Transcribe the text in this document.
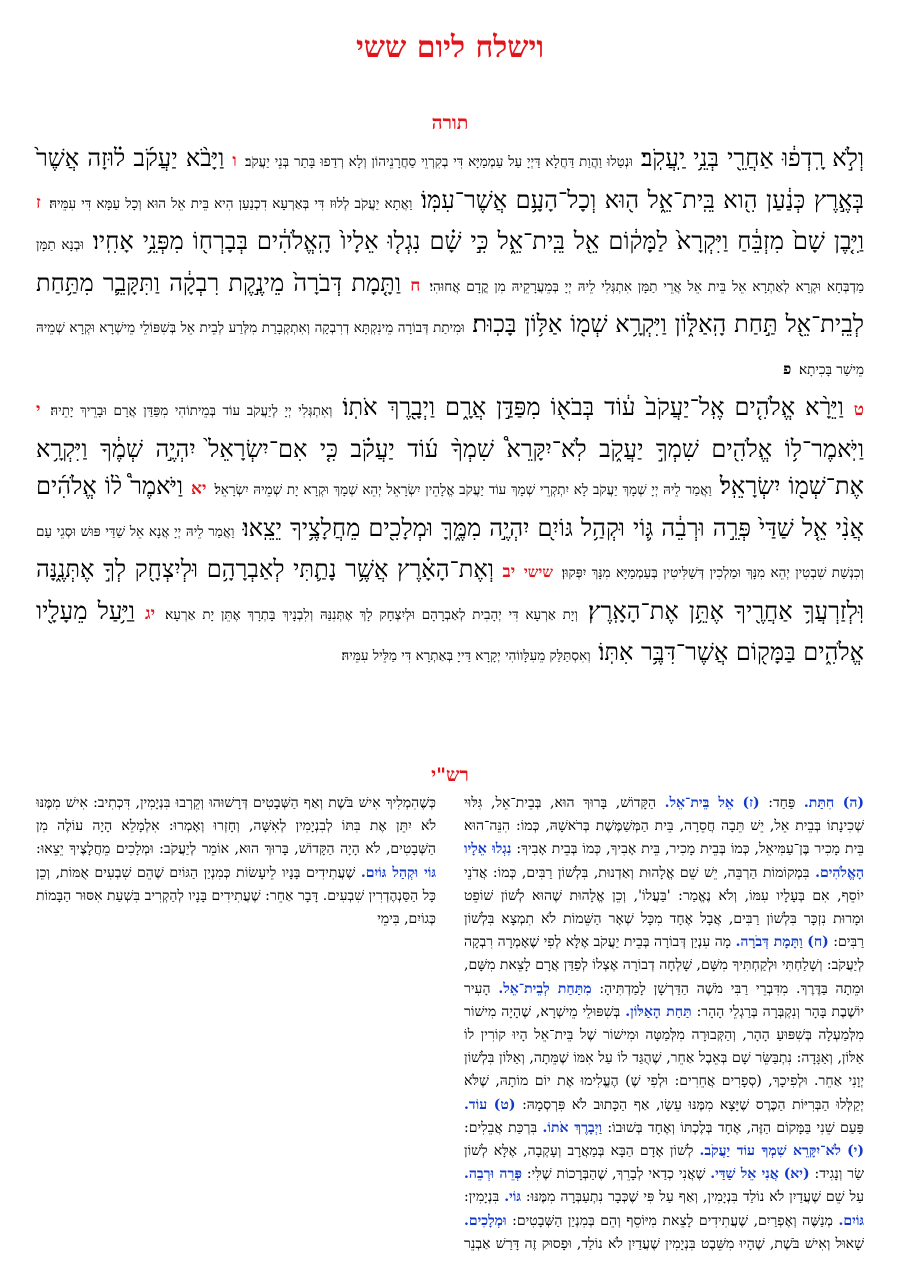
וישלח ליום ששי
תורה

וְלֹ֣א רָֽדְפ֔וּ אַחֲרֵ֖י בְּנֵ֥י יַֽעֲקֹֽב׃ וּנְטַלוּ וַהֲוַת דַּחֲלָא דַּיְיָ עַל עַמְמַיָּא דִּי בְקִרְוֵי סַחֲרָנֵיהוֹן וְלָא רְדַפוּ בָּתַר בְּנֵי יַעֲקֹב׃ ו וַיָּבֹ֨א יַעֲקֹ֜ב ל֗וּזָה אֲשֶׁר֙ בְּאֶ֣רֶץ כְּנַ֔עַן הִ֖וא בֵּֽית־אֵ֑ל ה֖וּא וְכָל־הָעָ֥ם אֲשֶׁר־עִמּֽוֹ׃ וַאֲתָא יַעֲקֹב לְלוּז דִּי בְּאַרְעָא דִכְנַעַן הִיא בֵּית אֵל הוּא וְכָל עַמָּא דִּי עִמֵּיהּ׃ ז וַיִּ֤בֶן שָׁם֙ מִזְבֵּ֔חַ וַיִּקְרָא֙ לַמָּק֔וֹם אֵ֖ל בֵּֽית־אֵ֑ל כִּ֣י שָׁ֗ם נִגְל֤וּ אֵלָיו֙ הָֽאֱלֹהִ֔ים בְּבָרְח֖וֹ מִפְּנֵ֥י אָחִֽיו׃ וּבְנָא תַמָּן מַדְבְּחָא וּקְרָא לְאַתְרָא אֵל בֵּית אֵל אֲרֵי תַמָּן אִתְגְּלִי לֵיהּ יְיָ בְּמֵעֲרָקֵיהּ מִן קֳדָם אֲחוּהִי׃ ח וַתָּ֤מָת דְּבֹרָה֙ מֵינֶ֣קֶת רִבְקָ֔ה וַתִּקָּבֵ֛ר מִתַּ֥חַת לְבֵֽית־אֵ֖ל תַּ֣חַת הָֽאַלּ֑וֹן וַיִּקְרָ֥א שְׁמ֖וֹ אַלּ֥וֹן בָּכֽוּת׃ וּמִיתַת דְּבוֹרָה מֵינִקְתָּא דְרִבְקָה וְאִתְקְבָרַת מִלְּרַע לְבֵית אֵל בְּשִׁפּוֹלֵי מֵישְׁרָא וּקְרָא שְׁמֵיהּ מֵישַׁר בָּכִיתָא׃ פ

ט וַיֵּרָ֨א אֱלֹהִ֤ים אֶֽל־יַעֲקֹב֙ ע֔וֹד בְּבֹא֖וֹ מִפַּדַּ֣ן אֲרָ֑ם וַיְבָ֖רֶךְ אֹתֽוֹ׃ וְאִתְגְּלִי יְיָ לְיַעֲקֹב עוֹד בְּמֵיתוֹהִי מִפַּדַּן אֲרָם וּבָרֵיךְ יָתֵיהּ׃ י וַיֹּֽאמֶר־ל֥וֹ אֱלֹהִ֖ים שִׁמְךָ֣ יַעֲקֹ֑ב לֹֽא־יִקָּרֵא֩ שִׁמְךָ֨ ע֜וֹד יַעֲקֹ֗ב כִּ֤י אִם־יִשְׂרָאֵל֙ יִהְיֶ֣ה שְׁמֶ֔ךָ וַיִּקְרָ֥א אֶת־שְׁמ֖וֹ יִשְׂרָאֵֽל׃ וַאֲמַר לֵיהּ יְיָ שְׁמָךְ יַעֲקֹב לָא יִתְקְרֵי שְׁמָךְ עוֹד יַעֲקֹב אֱלָהֵין יִשְׂרָאֵל יְהֵא שְׁמָךְ וּקְרָא יָת שְׁמֵיהּ יִשְׂרָאֵל׃ יא וַיֹּאמֶר֩ ל֨וֹ אֱלֹהִ֜ים אֲנִ֨י אֵ֤ל שַׁדַּי֙ פְּרֵ֣ה וּרְבֵ֔ה גּ֛וֹי וּקְהַ֥ל גּוֹיִ֖ם יִהְיֶ֣ה מִמֶּ֑ךָּ וּמְלָכִ֖ים מֵחֲלָצֶ֥יךָ יֵצֵֽאוּ׃ וַאֲמַר לֵיהּ יְיָ אֲנָא אֵל שַׁדַּי פּוּשׁ וּסְגֵי עַם וְכִנְשַׁת שִׁבְטִין יְהֵא מִנָּךְ וּמַלְכִין דְּשַׁלִּיטִין בְּעַמְמַיָּא מִנָּךְ יִפְּקוּן׃ שישי יב וְאֶת־הָאָ֗רֶץ אֲשֶׁ֥ר נָתַ֛תִּי לְאַבְרָהָ֥ם וּלְיִצְחָ֖ק לְךָ֣ אֶתְּנֶ֑נָּה וּֽלְזַרְעֲךָ֥ אַחֲרֶ֖יךָ אֶתֵּ֥ן אֶת־הָאָֽרֶץ׃ וְיָת אַרְעָא דִּי יְהָבִית לְאַבְרָהָם וּלְיִצְחָק לָךְ אֶתְּנִנַּהּ וְלִבְנָיךְ בָּתְרָךְ אֶתֵּן יָת אַרְעָא׃ יג וַיַּ֥עַל מֵעָלָ֖יו אֱלֹהִ֑ים בַּמָּק֖וֹם אֲשֶׁר־דִּבֶּ֥ר אִתּֽוֹ׃ וְאִסְתַּלַּק מֵעִלָּווֹהִי יְקָרָא דַּייָ בְּאַתְרָא דִּי מַלֵּיל עִמֵּיהּ׃

רש"י
(ה) חִתַּת. פַּחַד: (ז) אֵל בֵּית־אֵל. הַקָּדוֹשׁ, בָּרוּךְ הוּא, בְּבֵית־אֵל, גִּלּוּי שְׁכִינָתוֹ בְּבֵית אֵל, יֵשׁ תֵּבָה חֲסֵרָה, בֵּית הַמְּשַׁמֶּשֶׁת בְּרֹאשָׁהּ, כְּמוֹ: הִנֵּה־הוּא בֵּית מָכִיר בֶּן־עַמִּיאֵל, כְּמוֹ בְּבֵית מָכִיר, בֵּית אָבִיךָ, כְּמוֹ בְּבֵית אָבִיךָ: נִגְלוּ אֵלָיו הָאֱלֹהִים. בִּמְקוֹמוֹת הַרְבֵּה, יֵשׁ שֵׁם אֱלָהוּת וְאַדְנוּת, בִּלְשׁוֹן רַבִּים, כְּמוֹ: אֲדֹנֵי יוֹסֵף, אִם בְּעָלָיו עִמּוֹ, וְלֹא נֶאֱמַר: 'בַּעֲלוֹ', וְכֵן אֱלָהוּת שֶׁהוּא לְשׁוֹן שׁוֹפֵט וּמָרוּת נִזְכָּר בִּלְשׁוֹן רַבִּים, אֲבָל אֶחָד מִכָּל שְׁאָר הַשֵּׁמוֹת לֹא תִמְצָא בִּלְשׁוֹן רַבִּים: (ח) וַתָּמָת דְּבֹרָה. מָה עִנְיַן דְּבוֹרָה בְּבֵית יַעֲקֹב אֶלָּא לְפִי שֶׁאָמְרָה רִבְקָה לְיַעֲקֹב: וְשָׁלַחְתִּי וּלְקַחְתִּיךָ מִשָּׁם, שָׁלְחָה דְבוֹרָה אֶצְלוֹ לְפַדַּן אֲרָם לָצֵאת מִשָּׁם, וּמֵתָה בַּדֶּרֶךְ. מִדִּבְרֵי רַבִּי מֹשֶׁה הַדַּרְשָׁן לָמַדְתִּיהָ: מִתַּחַת לְבֵית־אֵל. הָעִיר יוֹשֶׁבֶת בָּהָר וְנִקְבְּרָה בְּרַגְלֵי הָהָר: תַּחַת הָאַלּוֹן. בְּשִׁפּוּלֵי מֵישְׁרָא, שֶׁהָיָה מִישׁוֹר מִלְּמַעְלָה בְּשִׁפּוּעַ הָהָר, וְהַקְּבוּרָה מִלְּמַטָּה וּמִישׁוֹר שֶׁל בֵּית־אֵל הָיוּ קוֹרִין לוֹ אַלּוֹן, וְאַגָּדָה: נִתְבַּשֵּׂר שָׁם בְּאֵבֶל אַחֵר, שֶׁהֻגַּד לוֹ עַל אִמּוֹ שֶׁמֵּתָה, וְאַלּוֹן בִּלְשׁוֹן יְוָנִי אַחֵר. וּלְפִיכָךְ, (סְפָרִים אֲחֵרִים: וּלְפִי שֶׁ) הֶעֱלִימוּ אֶת יוֹם מוֹתָהּ, שֶׁלֹּא יְקַלְּלוּ הַבְּרִיּוֹת הַכֶּרֶס שֶׁיָּצָא מִמֶּנּוּ עֵשָׂו, אַף הַכָּתוּב לֹא פִּרְסְמָהּ: (ט) עוֹד. פַּעַם שֵׁנִי בַּמָּקוֹם הַזֶּה, אֶחָד בְּלֶכְתּוֹ וְאֶחָד בְּשׁוּבוֹ: וַיְבָרֶךְ אֹתוֹ. בִּרְכַּת אֲבֵלִים: (י) לֹא־יִקָּרֵא שִׁמְךָ עוֹד יַעֲקֹב. לְשׁוֹן אָדָם הַבָּא בְּמַאֲרָב וְעָקְבָה, אֶלָּא לְשׁוֹן שַׂר וְנָגִיד: (יא) אֲנִי אֵל שַׁדַּי. שֶׁאֲנִי כְדַאי לְבָרֵךְ, שֶׁהַבְּרָכוֹת שֶׁלִּי: פְּרֵה וּרְבֵה. עַל שֵׁם שֶׁעֲדַיִן לֹא נוֹלַד בִּנְיָמִין, וְאַף עַל פִּי שֶׁכְּבָר נִתְעַבְּרָה מִמֶּנּוּ: גּוֹי. בִּנְיָמִין: גּוֹיִם. מְנַשֶּׁה וְאֶפְרַיִם, שֶׁעֲתִידִים לָצֵאת מִיּוֹסֵף וְהֵם בְּמִנְיַן הַשְּׁבָטִים: וּמְלָכִים. שָׁאוּל וְאִישׁ בֹּשֶׁת, שֶׁהָיוּ מִשֵּׁבֶט בִּנְיָמִין שֶׁעֲדַיִן לֹא נוֹלַד, וּפָסוּק זֶה דָּרַשׁ אַבְנֵר כְּשֶׁהִמְלִיךְ אִישׁ בֹּשֶׁת וְאַף הַשְּׁבָטִים דְּרָשׁוּהוּ וְקֵרְבוּ בִּנְיָמִין, דִּכְתִיב: אִישׁ מִמֶּנּוּ לֹא יִתֵּן אֶת בִּתּוֹ לְבִנְיָמִין לְאִשָּׁה, וְחָזְרוּ וְאָמְרוּ: אִלְמָלֵא הָיָה עוֹלֶה מִן הַשְּׁבָטִים, לֹא הָיָה הַקָּדוֹשׁ, בָּרוּךְ הוּא, אוֹמֵר לְיַעֲקֹב: וּמְלָכִים מֵחֲלָצֶיךָ יֵצֵאוּ: גּוֹי וּקְהַל גּוֹיִם. שֶׁעֲתִידִים בָּנָיו לֵיעָשׂוֹת כְּמִנְיַן הַגּוֹיִם שֶׁהֵם שִׁבְעִים אֻמּוֹת, וְכֵן כָּל הַסַּנְהֶדְרִין שִׁבְעִים. דָּבָר אַחֵר: שֶׁעֲתִידִים בָּנָיו לְהַקְרִיב בִּשְׁעַת אִסּוּר הַבָּמוֹת כְּגוֹיִם, בִּימֵי
